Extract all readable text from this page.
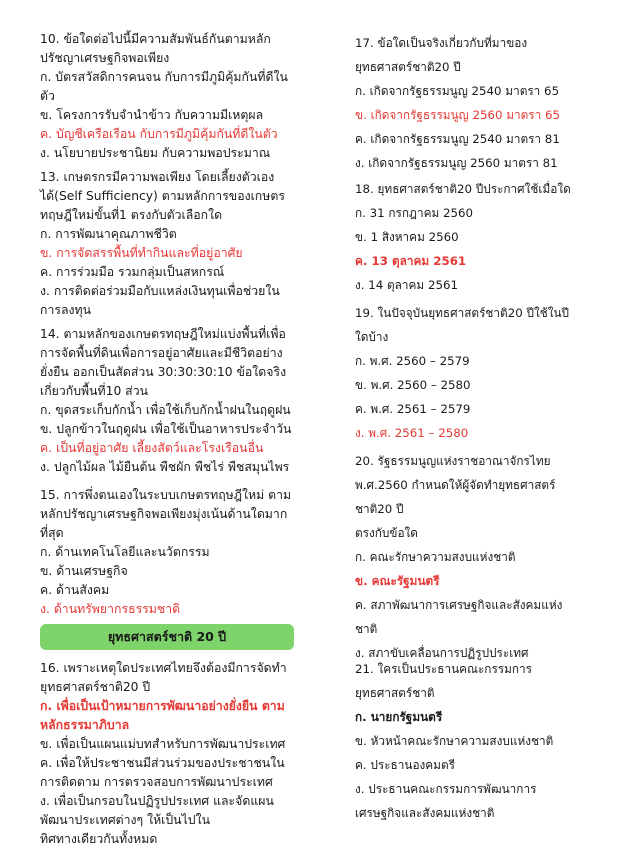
10. ข้อใดต่อไปนี้มีความสัมพันธ์กันตามหลัก
ปรัชญาเศรษฐกิจพอเพียง
ก. บัตรสวัสดิการคนจน กับการมีภูมิคุ้มกันที่ดีใน
ตัว
ข. โครงการรับจำนำข้าว กับความมีเหตุผล
ค. บัญชีเครือเรือน กับการมีภูมิคุ้มกันที่ดีในตัว
ง. นโยบายประชานิยม กับความพอประมาณ
13. เกษตรกรมีความพอเพียง โดยเลี้ยงตัวเอง
ได้(Self Sufficiency) ตามหลักการของเกษตร
ทฤษฎีใหม่ขั้นที่1 ตรงกับตัวเลือกใด
ก. การพัฒนาคุณภาพชีวิต
ข. การจัดสรรพื้นที่ทำกินและที่อยู่อาศัย
ค. การร่วมมือ รวมกลุ่มเป็นสหกรณ์
ง. การติดต่อร่วมมือกับแหล่งเงินทุนเพื่อช่วยใน
การลงทุน
14. ตามหลักของเกษตรทฤษฎีใหม่แบ่งพื้นที่เพื่อ
การจัดพื้นที่ดินเพื่อการอยู่อาศัยและมีชีวิตอย่าง
ยั่งยืน ออกเป็นสัดส่วน 30:30:30:10 ข้อใดจริง
เกี่ยวกับพื้นที่10 ส่วน
ก. ขุดสระเก็บกักน้ำ เพื่อใช้เก็บกักน้ำฝนในฤดูฝน
ข. ปลูกข้าวในฤดูฝน เพื่อใช้เป็นอาหารประจำวัน
ค. เป็นที่อยู่อาศัย เลี้ยงสัตว์และโรงเรือนอื่น
ง. ปลูกไม้ผล ไม้ยืนต้น พืชผัก พืชไร่ พืชสมุนไพร
15. การพึ่งตนเองในระบบเกษตรทฤษฎีใหม่ ตาม
หลักปรัชญาเศรษฐกิจพอเพียงมุ่งเน้นด้านใดมาก
ที่สุด
ก. ด้านเทคโนโลยีและนวัตกรรม
ข. ด้านเศรษฐกิจ
ค. ด้านสังคม
ง. ด้านทรัพยากรธรรมชาติ
16. เพราะเหตุใดประเทศไทยจึงต้องมีการจัดทำ
ยุทธศาสตร์ชาติ20 ปี
ก. เพื่อเป็นเป้าหมายการพัฒนาอย่างยั่งยืน ตาม
หลักธรรมาภิบาล
ข. เพื่อเป็นแผนแม่บทสำหรับการพัฒนาประเทศ
ค. เพื่อให้ประชาชนมีส่วนร่วมของประชาชนใน
การติดตาม การตรวจสอบการพัฒนาประเทศ
ง. เพื่อเป็นกรอบในปฏิรูปประเทศ และจัดแผน
พัฒนาประเทศต่างๆ ให้เป็นไปใน
ทิศทางเดียวกันทั้งหมด
ยุทธศาสตร์ชาติ 20 ปี
17. ข้อใดเป็นจริงเกี่ยวกับที่มาของ
ยุทธศาสตร์ชาติ20 ปี
ก. เกิดจากรัฐธรรมนูญ 2540 มาตรา 65
ข. เกิดจากรัฐธรรมนูญ 2560 มาตรา 65
ค. เกิดจากรัฐธรรมนูญ 2540 มาตรา 81
ง. เกิดจากรัฐธรรมนูญ 2560 มาตรา 81
18. ยุทธศาสตร์ชาติ20 ปีประกาศใช้เมื่อใด
ก. 31 กรกฎาคม 2560
ข. 1 สิงหาคม 2560
ค. 13 ตุลาคม 2561
ง. 14 ตุลาคม 2561
19. ในปัจจุบันยุทธศาสตร์ชาติ20 ปีใช้ในปี
ใดบ้าง
ก. พ.ศ. 2560 – 2579
ข. พ.ศ. 2560 – 2580
ค. พ.ศ. 2561 – 2579
ง. พ.ศ. 2561 – 2580
20. รัฐธรรมนูญแห่งราชอาณาจักรไทย
พ.ศ.2560 กำหนดให้ผู้จัดทำยุทธศาสตร์
ชาติ20 ปี
ตรงกับข้อใด
ก. คณะรักษาความสงบแห่งชาติ
ข. คณะรัฐมนตรี
ค. สภาพัฒนาการเศรษฐกิจและสังคมแห่ง
ชาติ
ง. สภาขับเคลื่อนการปฏิรูปประเทศ
21. ใครเป็นประธานคณะกรรมการ
ยุทธศาสตร์ชาติ
ก. นายกรัฐมนตรี
ข. หัวหน้าคณะรักษาความสงบแห่งชาติ
ค. ประธานองคมตรี
ง. ประธานคณะกรรมการพัฒนาการ
เศรษฐกิจและสังคมแห่งชาติ
